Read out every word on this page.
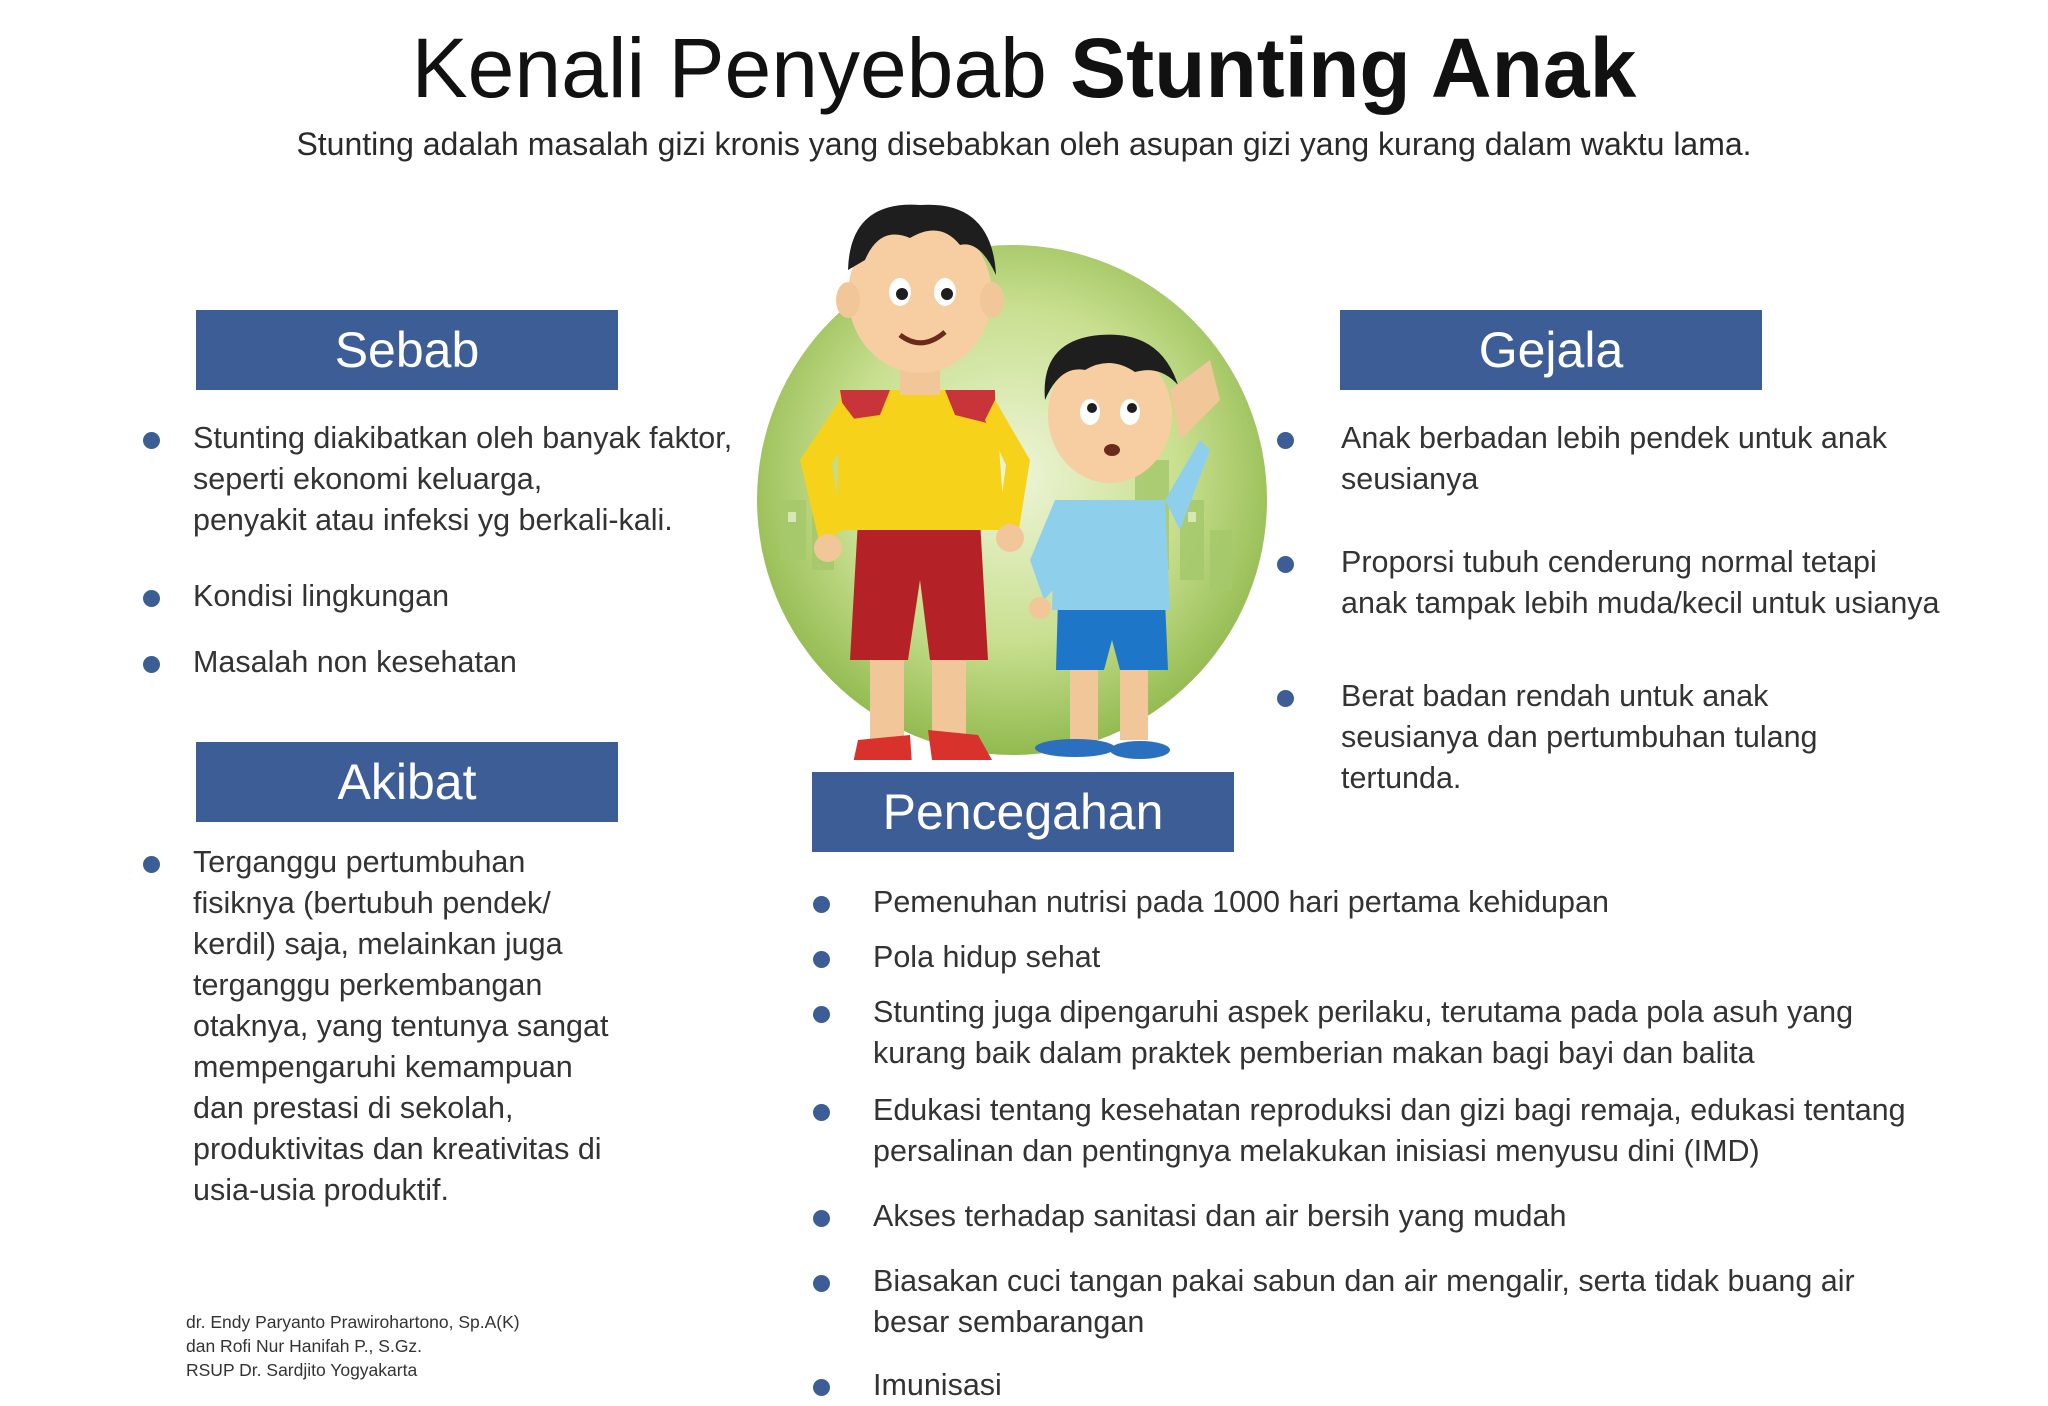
Kenali Penyebab Stunting Anak
Stunting adalah masalah gizi kronis yang disebabkan oleh asupan gizi yang kurang dalam waktu lama.
Sebab
Stunting diakibatkan oleh banyak faktor,
seperti ekonomi keluarga,
penyakit atau infeksi yg berkali-kali.
Kondisi lingkungan
Masalah non kesehatan
Akibat
Terganggu pertumbuhan
fisiknya (bertubuh pendek/
kerdil) saja, melainkan juga
terganggu perkembangan
otaknya, yang tentunya sangat
mempengaruhi kemampuan
dan prestasi di sekolah,
produktivitas dan kreativitas di
usia-usia produktif.
Gejala
Anak berbadan lebih pendek untuk anak
seusianya
Proporsi tubuh cenderung normal tetapi
anak tampak lebih muda/kecil untuk usianya
Berat badan rendah untuk anak
seusianya dan pertumbuhan tulang
tertunda.
Pencegahan
Pemenuhan nutrisi pada 1000 hari pertama kehidupan
Pola hidup sehat
Stunting juga dipengaruhi aspek perilaku, terutama pada pola asuh yang
kurang baik dalam praktek pemberian makan bagi bayi dan balita
Edukasi tentang kesehatan reproduksi dan gizi bagi remaja, edukasi tentang
persalinan dan pentingnya melakukan inisiasi menyusu dini (IMD)
Akses terhadap sanitasi dan air bersih yang mudah
Biasakan cuci tangan pakai sabun dan air mengalir, serta tidak buang air
besar sembarangan
Imunisasi
dr. Endy Paryanto Prawirohartono, Sp.A(K)
dan Rofi Nur Hanifah P., S.Gz.
RSUP Dr. Sardjito Yogyakarta
